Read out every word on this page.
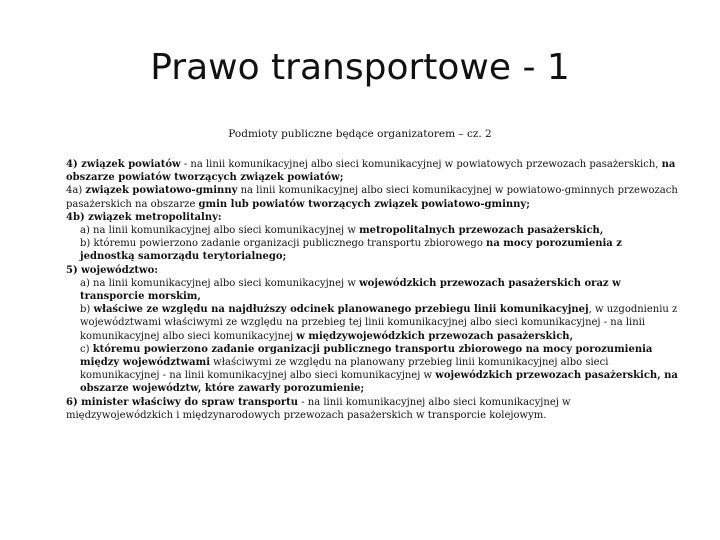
Prawo transportowe - 1
Podmioty publiczne będące organizatorem – cz. 2

4) związek powiatów - na linii komunikacyjnej albo sieci komunikacyjnej w powiatowych przewozach pasażerskich, na obszarze powiatów tworzących związek powiatów;

4a) związek powiatowo-gminny na linii komunikacyjnej albo sieci komunikacyjnej w powiatowo-gminnych przewozach pasażerskich na obszarze gmin lub powiatów tworzących związek powiatowo-gminny;

4b) związek metropolitalny:

a) na linii komunikacyjnej albo sieci komunikacyjnej w metropolitalnych przewozach pasażerskich,

b) któremu powierzono zadanie organizacji publicznego transportu zbiorowego na mocy porozumienia z jednostką samorządu terytorialnego;

5) województwo:

a) na linii komunikacyjnej albo sieci komunikacyjnej w wojewódzkich przewozach pasażerskich oraz w transporcie morskim,

b) właściwe ze względu na najdłuższy odcinek planowanego przebiegu linii komunikacyjnej, w uzgodnieniu z województwami właściwymi ze względu na przebieg tej linii komunikacyjnej albo sieci komunikacyjnej - na linii komunikacyjnej albo sieci komunikacyjnej w międzywojewódzkich przewozach pasażerskich,

c) któremu powierzono zadanie organizacji publicznego transportu zbiorowego na mocy porozumienia między województwami właściwymi ze względu na planowany przebieg linii komunikacyjnej albo sieci komunikacyjnej - na linii komunikacyjnej albo sieci komunikacyjnej w wojewódzkich przewozach pasażerskich, na obszarze województw, które zawarły porozumienie;

6) minister właściwy do spraw transportu - na linii komunikacyjnej albo sieci komunikacyjnej w międzywojewódzkich i międzynarodowych przewozach pasażerskich w transporcie kolejowym.
